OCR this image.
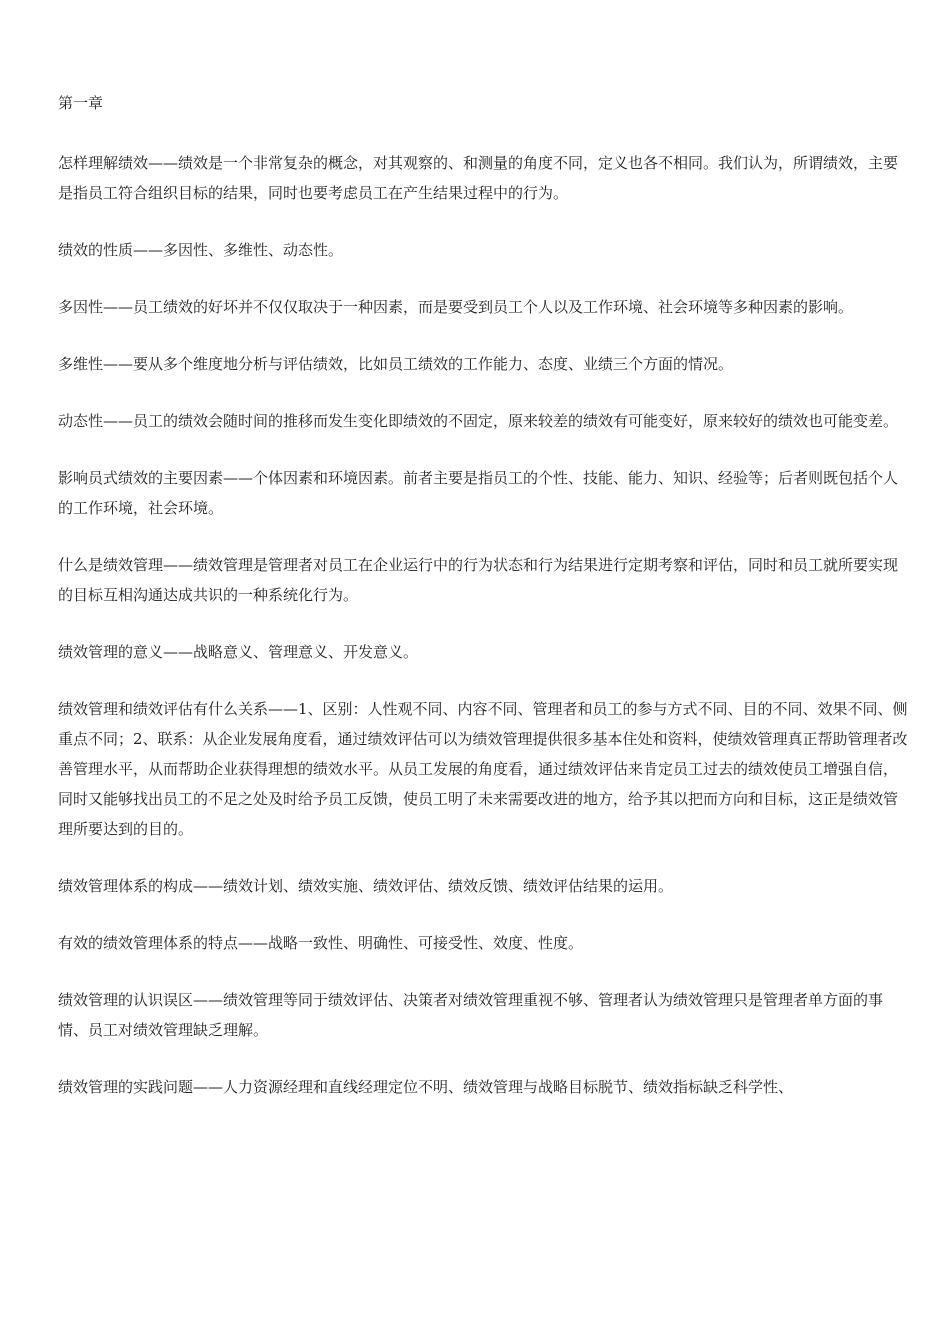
第一章

怎样理解绩效——绩效是一个非常复杂的概念，对其观察的、和测量的角度不同，定义也各不相同。我们认为，所谓绩效，主要是指员工符合组织目标的结果，同时也要考虑员工在产生结果过程中的行为。

绩效的性质——多因性、多维性、动态性。

多因性——员工绩效的好坏并不仅仅取决于一种因素，而是要受到员工个人以及工作环境、社会环境等多种因素的影响。

多维性——要从多个维度地分析与评估绩效，比如员工绩效的工作能力、态度、业绩三个方面的情况。

动态性——员工的绩效会随时间的推移而发生变化即绩效的不固定，原来较差的绩效有可能变好，原来较好的绩效也可能变差。

影响员式绩效的主要因素——个体因素和环境因素。前者主要是指员工的个性、技能、能力、知识、经验等；后者则既包括个人的工作环境，社会环境。

什么是绩效管理——绩效管理是管理者对员工在企业运行中的行为状态和行为结果进行定期考察和评估，同时和员工就所要实现的目标互相沟通达成共识的一种系统化行为。

绩效管理的意义——战略意义、管理意义、开发意义。

绩效管理和绩效评估有什么关系——1、区别：人性观不同、内容不同、管理者和员工的参与方式不同、目的不同、效果不同、侧重点不同；2、联系：从企业发展角度看，通过绩效评估可以为绩效管理提供很多基本住处和资料，使绩效管理真正帮助管理者改善管理水平，从而帮助企业获得理想的绩效水平。从员工发展的角度看，通过绩效评估来肯定员工过去的绩效使员工增强自信，同时又能够找出员工的不足之处及时给予员工反馈，使员工明了未来需要改进的地方，给予其以把而方向和目标，这正是绩效管理所要达到的目的。

绩效管理体系的构成——绩效计划、绩效实施、绩效评估、绩效反馈、绩效评估结果的运用。

有效的绩效管理体系的特点——战略一致性、明确性、可接受性、效度、性度。

绩效管理的认识误区——绩效管理等同于绩效评估、决策者对绩效管理重视不够、管理者认为绩效管理只是管理者单方面的事情、员工对绩效管理缺乏理解。

绩效管理的实践问题——人力资源经理和直线经理定位不明、绩效管理与战略目标脱节、绩效指标缺乏科学性、
